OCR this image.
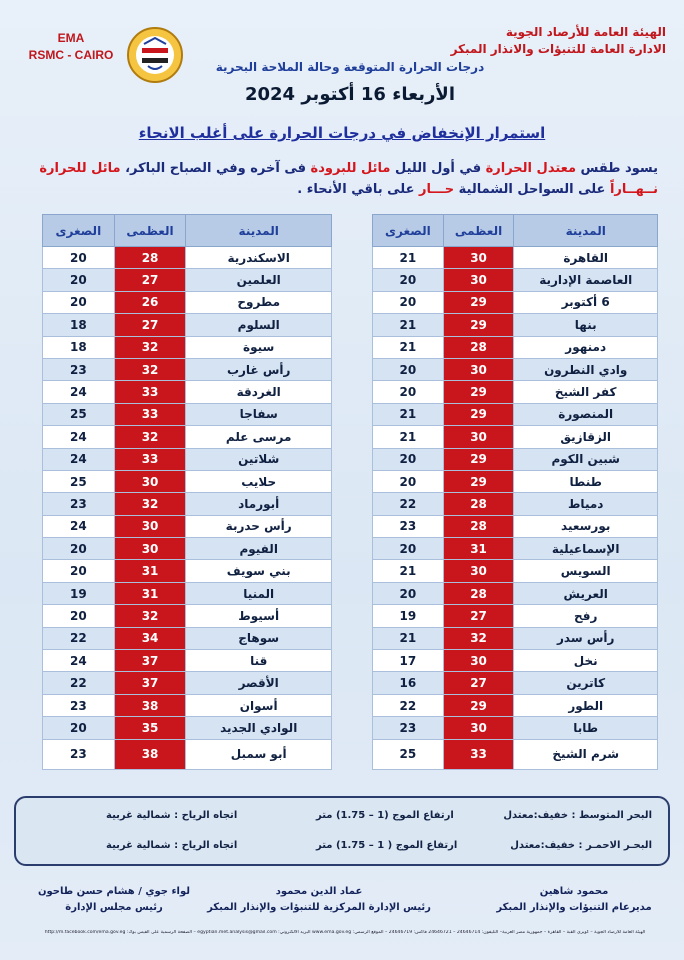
EMA
RSMC - CAIRO
الهيئة العامة للأرصاد الجوية
الادارة العامة للتنبؤات والانذار المبكر
درجات الحرارة المتوقعة وحالة الملاحة البحرية
الأربعاء 16 أكتوبر 2024
استمرار الإنخفاض في درجات الحرارة على أغلب الانحاء
يسود طقس معتدل الحرارة في أول الليل مائل للبرودة فى آخره وفي الصباح الباكر، مائل للحرارة نــهــاراً على السواحل الشمالية حـــار على باقي الأنحاء .
المدينة	العظمى	الصغرى
القاهرة	30	21
العاصمة الإدارية	30	20
6 أكتوبر	29	20
بنها	29	21
دمنهور	28	21
وادي النطرون	30	20
كفر الشيخ	29	20
المنصورة	29	21
الزقازيق	30	21
شبين الكوم	29	20
طنطا	29	20
دمياط	28	22
بورسعيد	28	23
الإسماعيلية	31	20
السويس	30	21
العريش	28	20
رفح	27	19
رأس سدر	32	21
نخل	30	17
كاترين	27	16
الطور	29	22
طابا	30	23
شرم الشيخ	33	25
المدينة	العظمى	الصغرى
الاسكندرية	28	20
العلمين	27	20
مطروح	26	20
السلوم	27	18
سيوة	32	18
رأس غارب	32	23
الغردقة	33	24
سفاجا	33	25
مرسى علم	32	24
شلاتين	33	24
حلايب	30	25
أبورماد	32	23
رأس حدربة	30	24
الفيوم	30	20
بني سويف	31	20
المنيا	31	19
أسيوط	32	20
سوهاج	34	22
قنا	37	24
الأقصر	37	22
أسوان	38	23
الوادي الجديد	35	20
أبو سمبل	38	23
البحر المتوسط : خفيف:معتدل
ارتفاع الموج (1 – 1.75) متر
اتجاه الرياح : شمالية غربية
البحـر الاحمـر : خفيف:معتدل
ارتفاع الموج ( 1 – 1.75) متر
اتجاه الرياح : شمالية غربية
محمود شاهين
مديرعام التنبؤات والإنذار المبكر
عماد الدين محمود
رئيس الإدارة المركزية للتنبؤات والإنذار المبكر
لواء جوي / هشام حسن طاحون
رئيس مجلس الإدارة
الهيئة العامة للأرصاد الجوية – كوبري القبة – القاهرة – جمهورية مصر العربية– التليفون: 24646714 – 24646721 فاكس: 24646719 – الموقع الرسمي: www.ema.gov.eg البريد الالكتروني: egyptian.met.analysis@gmail.com – الصفحة الرسمية على الفيس بوك: http://m.facebook.com/ema.gov.eg
